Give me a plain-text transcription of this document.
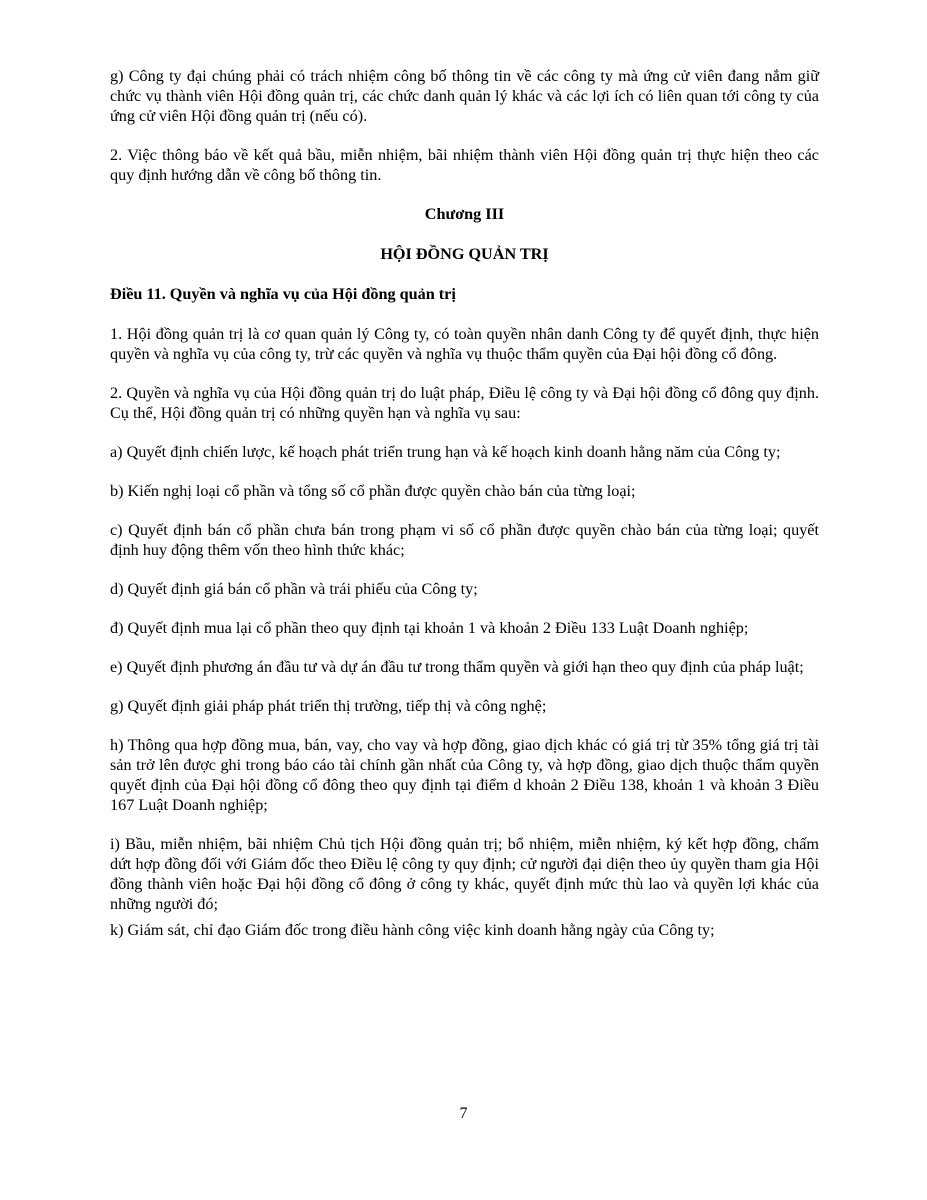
g) Công ty đại chúng phải có trách nhiệm công bố thông tin về các công ty mà ứng cử viên đang nắm giữ chức vụ thành viên Hội đồng quản trị, các chức danh quản lý khác và các lợi ích có liên quan tới công ty của ứng cử viên Hội đồng quản trị (nếu có).

2. Việc thông báo về kết quả bầu, miễn nhiệm, bãi nhiệm thành viên Hội đồng quản trị thực hiện theo các quy định hướng dẫn về công bố thông tin.

Chương III
HỘI ĐỒNG QUẢN TRỊ
Điều 11. Quyền và nghĩa vụ của Hội đồng quản trị

1. Hội đồng quản trị là cơ quan quản lý Công ty, có toàn quyền nhân danh Công ty để quyết định, thực hiện quyền và nghĩa vụ của công ty, trừ các quyền và nghĩa vụ thuộc thẩm quyền của Đại hội đồng cổ đông.

2. Quyền và nghĩa vụ của Hội đồng quản trị do luật pháp, Điều lệ công ty và Đại hội đồng cổ đông quy định. Cụ thể, Hội đồng quản trị có những quyền hạn và nghĩa vụ sau:

a) Quyết định chiến lược, kế hoạch phát triển trung hạn và kế hoạch kinh doanh hằng năm của Công ty;

b) Kiến nghị loại cổ phần và tổng số cổ phần được quyền chào bán của từng loại;

c) Quyết định bán cổ phần chưa bán trong phạm vi số cổ phần được quyền chào bán của từng loại; quyết định huy động thêm vốn theo hình thức khác;

d) Quyết định giá bán cổ phần và trái phiếu của Công ty;

đ) Quyết định mua lại cổ phần theo quy định tại khoản 1 và khoản 2 Điều 133 Luật Doanh nghiệp;

e) Quyết định phương án đầu tư và dự án đầu tư trong thẩm quyền và giới hạn theo quy định của pháp luật;

g) Quyết định giải pháp phát triển thị trường, tiếp thị và công nghệ;

h) Thông qua hợp đồng mua, bán, vay, cho vay và hợp đồng, giao dịch khác có giá trị từ 35% tổng giá trị tài sản trở lên được ghi trong báo cáo tài chính gần nhất của Công ty, và hợp đồng, giao dịch thuộc thẩm quyền quyết định của Đại hội đồng cổ đông theo quy định tại điểm d khoản 2 Điều 138, khoản 1 và khoản 3 Điều 167 Luật Doanh nghiệp;

i) Bầu, miễn nhiệm, bãi nhiệm Chủ tịch Hội đồng quản trị; bổ nhiệm, miễn nhiệm, ký kết hợp đồng, chấm dứt hợp đồng đối với Giám đốc theo Điều lệ công ty quy định; cử người đại diện theo ủy quyền tham gia Hội đồng thành viên hoặc Đại hội đồng cổ đông ở công ty khác, quyết định mức thù lao và quyền lợi khác của những người đó;

k) Giám sát, chỉ đạo Giám đốc trong điều hành công việc kinh doanh hằng ngày của Công ty;

7
